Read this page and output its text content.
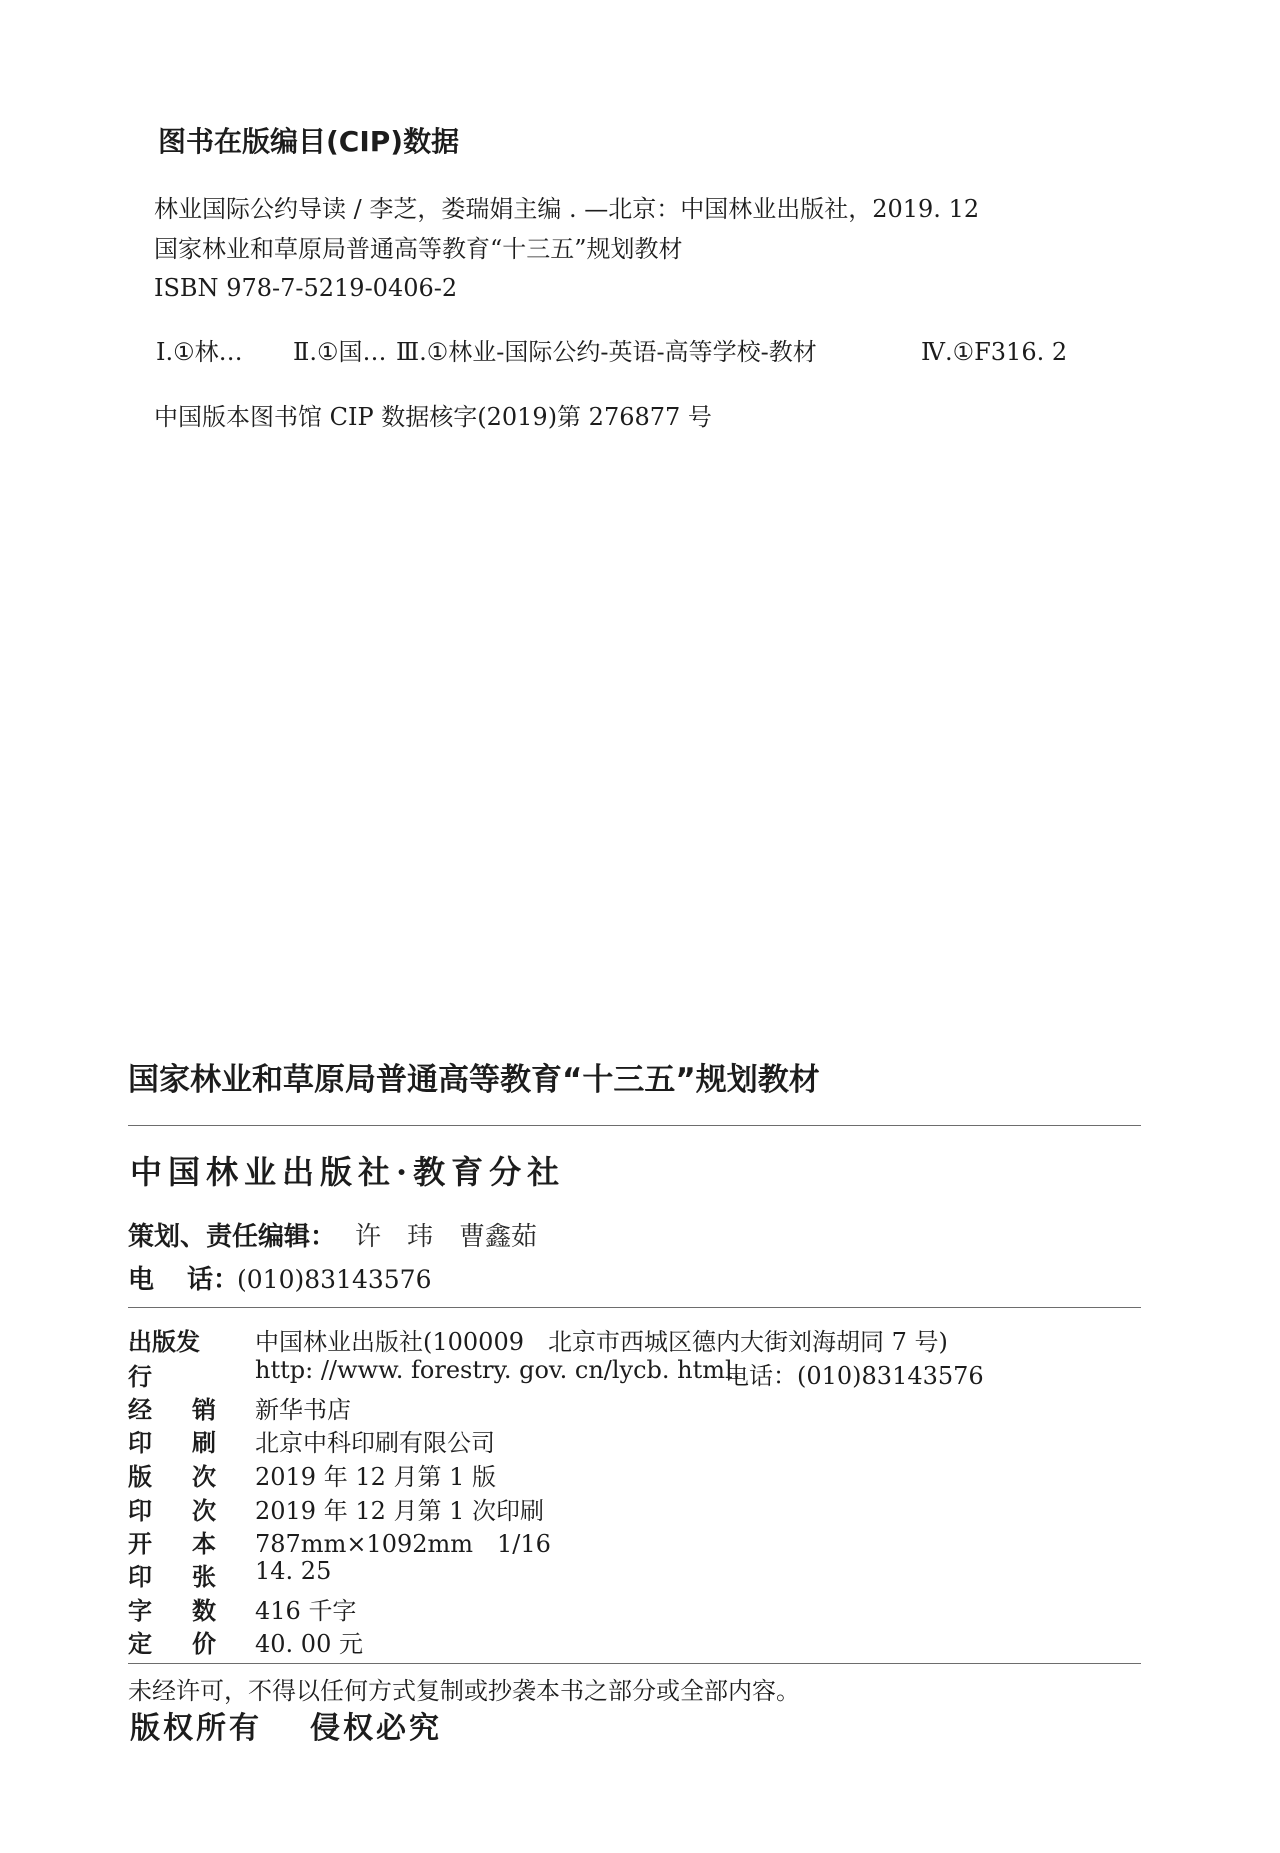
图书在版编目(CIP)数据
林业国际公约导读 / 李芝，娄瑞娟主编 . —北京：中国林业出版社，2019. 12
国家林业和草原局普通高等教育“十三五”规划教材
ISBN 978-7-5219-0406-2
Ⅰ.①林… Ⅱ.①国… Ⅲ.①林业-国际公约-英语-高等学校-教材	Ⅳ.①F316. 2
中国版本图书馆 CIP 数据核字(2019)第 276877 号
国家林业和草原局普通高等教育“十三五”规划教材
中国林业出版社·教育分社
策划、责任编辑： 许　玮　曹鑫茹
电 话：
(010)83143576
出版发行
中国林业出版社(100009　北京市西城区德内大街刘海胡同 7 号)
http: //www. forestry. gov. cn/lycb. html.
电话：(010)83143576
经 销 新华书店
印 刷 北京中科印刷有限公司
版 次 2019 年 12 月第 1 版
印 次 2019 年 12 月第 1 次印刷
开 本 787mm×1092mm　1/16
印 张 14. 25
字 数 416 千字
定 价 40. 00 元
未经许可，不得以任何方式复制或抄袭本书之部分或全部内容。
版权所有 侵权必究
